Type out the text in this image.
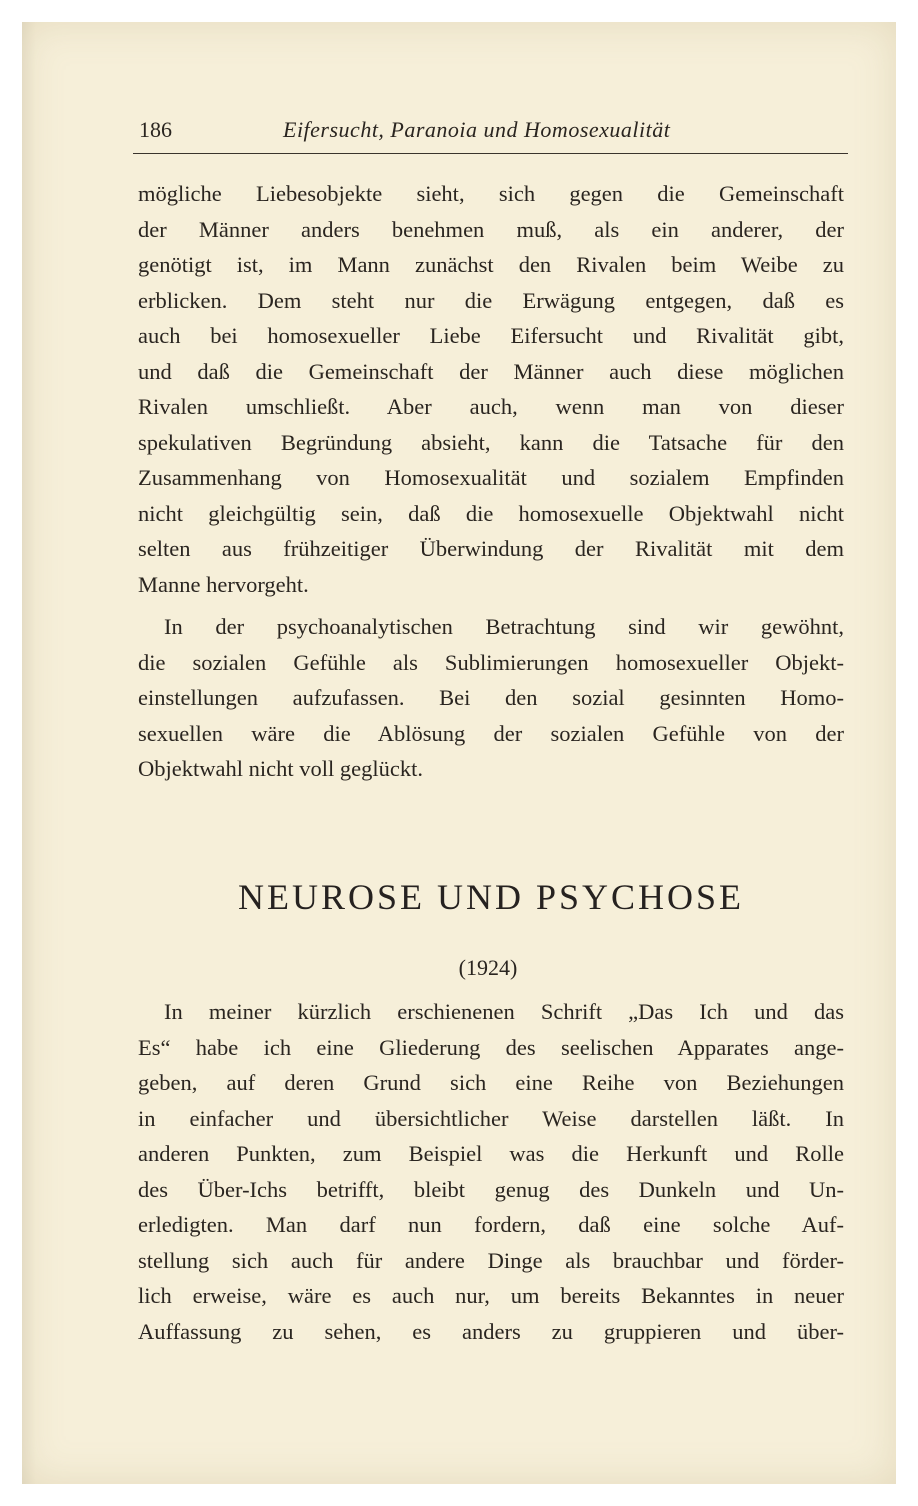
186	Eifersucht, Paranoia und Homosexualität
mögliche Liebesobjekte sieht, sich gegen die Gemeinschaft
der Männer anders benehmen muß, als ein anderer, der
genötigt ist, im Mann zunächst den Rivalen beim Weibe zu
erblicken. Dem steht nur die Erwägung entgegen, daß es
auch bei homosexueller Liebe Eifersucht und Rivalität gibt,
und daß die Gemeinschaft der Männer auch diese möglichen
Rivalen umschließt. Aber auch, wenn man von dieser
spekulativen Begründung absieht, kann die Tatsache für den
Zusammenhang von Homosexualität und sozialem Empfinden
nicht gleichgültig sein, daß die homosexuelle Objektwahl nicht
selten aus frühzeitiger Überwindung der Rivalität mit dem
Manne hervorgeht.
In der psychoanalytischen Betrachtung sind wir gewöhnt,
die sozialen Gefühle als Sublimierungen homosexueller Objekt-
einstellungen aufzufassen. Bei den sozial gesinnten Homo-
sexuellen wäre die Ablösung der sozialen Gefühle von der
Objektwahl nicht voll geglückt.
NEUROSE UND PSYCHOSE
(1924)
In meiner kürzlich erschienenen Schrift „Das Ich und das
Es“ habe ich eine Gliederung des seelischen Apparates ange-
geben, auf deren Grund sich eine Reihe von Beziehungen
in einfacher und übersichtlicher Weise darstellen läßt. In
anderen Punkten, zum Beispiel was die Herkunft und Rolle
des Über-Ichs betrifft, bleibt genug des Dunkeln und Un-
erledigten. Man darf nun fordern, daß eine solche Auf-
stellung sich auch für andere Dinge als brauchbar und förder-
lich erweise, wäre es auch nur, um bereits Bekanntes in neuer
Auffassung zu sehen, es anders zu gruppieren und über-
